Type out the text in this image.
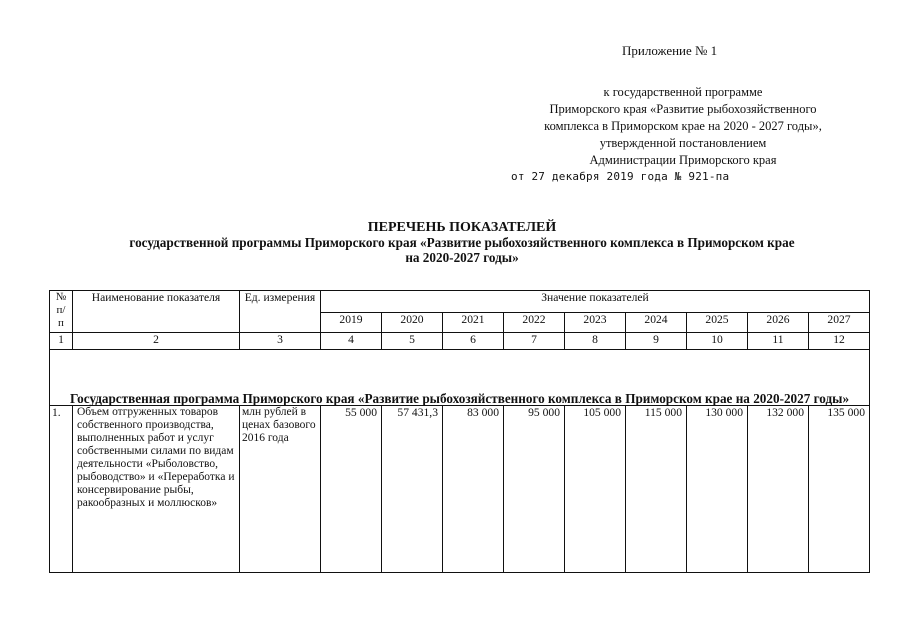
Приложение № 1
к государственной программе
Приморского края «Развитие рыбохозяйственного
комплекса в Приморском крае на 2020 - 2027 годы»,
утвержденной постановлением
Администрации Приморского края
от 27 декабря 2019 года № 921-па
ПЕРЕЧЕНЬ ПОКАЗАТЕЛЕЙ
государственной программы Приморского края «Развитие рыбохозяйственного комплекса в Приморском крае
на 2020-2027 годы»
№
п/
п	Наименование показателя	Ед. измерения	Значение показателей								
			2019	2020	2021	2022	2023	2024	2025	2026	2027
1	2	3	4	5	6	7	8	9	10	11	12
Государственная программа Приморского края «Развитие рыбохозяйственного комплекса в Приморском крае на 2020-2027 годы»											
1.	Объем отгруженных товаров собственного производства, выполненных работ и услуг собственными силами по видам деятельности «Рыболовство, рыбоводство» и «Переработка и консервирование рыбы, ракообразных и моллюсков»	млн рублей в ценах базового 2016 года	55 000	57 431,3	83 000	95 000	105 000	115 000	130 000	132 000	135 000
